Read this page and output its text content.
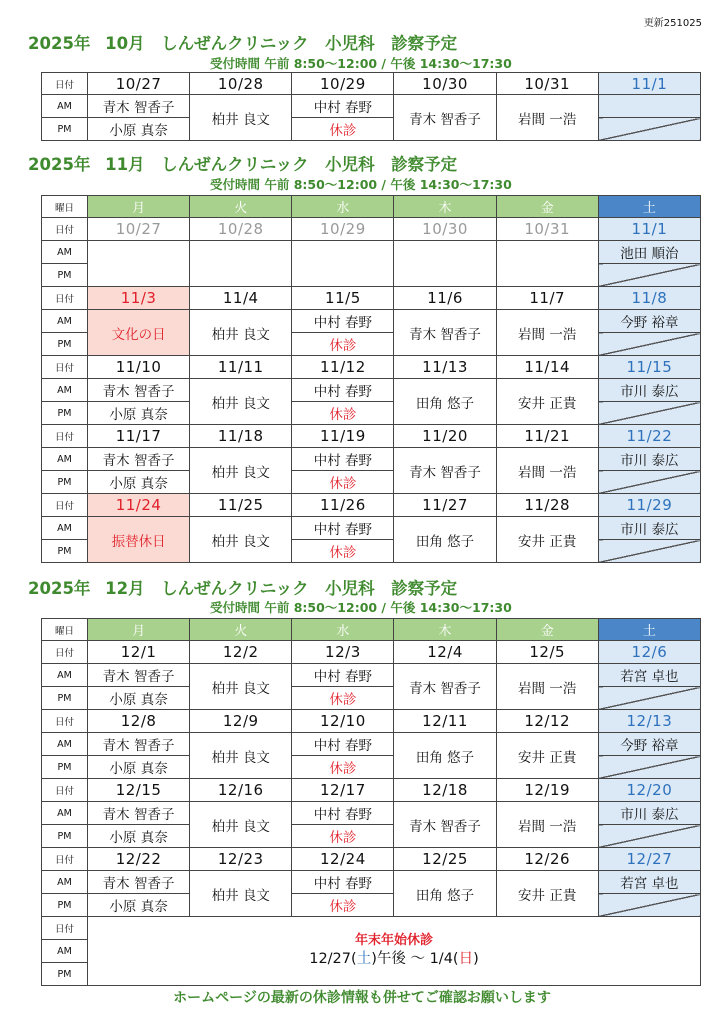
更新251025
2025年 10月　しんぜんクリニック　小児科　診察予定
受付時間 午前 8:50〜12:00 / 午後 14:30〜17:30
日付	10/27	10/28	10/29	10/30	10/31	11/1
AM	青木 智香子	柏井 良文	中村 春野	青木 智香子	岩間 一浩	
PM	小原 真奈		休診			
2025年 11月　しんぜんクリニック　小児科　診察予定
受付時間 午前 8:50〜12:00 / 午後 14:30〜17:30
曜日	月	火	水	木	金	土
日付	10/27	10/28	10/29	10/30	10/31	11/1
AM						池田 順治
PM						
日付	11/3	11/4	11/5	11/6	11/7	11/8
AM	文化の日	柏井 良文	中村 春野	青木 智香子	岩間 一浩	今野 裕章
PM			休診			
日付	11/10	11/11	11/12	11/13	11/14	11/15
AM	青木 智香子	柏井 良文	中村 春野	田角 悠子	安井 正貴	市川 泰広
PM	小原 真奈		休診			
日付	11/17	11/18	11/19	11/20	11/21	11/22
AM	青木 智香子	柏井 良文	中村 春野	青木 智香子	岩間 一浩	市川 泰広
PM	小原 真奈		休診			
日付	11/24	11/25	11/26	11/27	11/28	11/29
AM	振替休日	柏井 良文	中村 春野	田角 悠子	安井 正貴	市川 泰広
PM			休診			
2025年 12月　しんぜんクリニック　小児科　診察予定
受付時間 午前 8:50〜12:00 / 午後 14:30〜17:30
曜日	月	火	水	木	金	土
日付	12/1	12/2	12/3	12/4	12/5	12/6
AM	青木 智香子	柏井 良文	中村 春野	青木 智香子	岩間 一浩	若宮 卓也
PM	小原 真奈		休診			
日付	12/8	12/9	12/10	12/11	12/12	12/13
AM	青木 智香子	柏井 良文	中村 春野	田角 悠子	安井 正貴	今野 裕章
PM	小原 真奈		休診			
日付	12/15	12/16	12/17	12/18	12/19	12/20
AM	青木 智香子	柏井 良文	中村 春野	青木 智香子	岩間 一浩	市川 泰広
PM	小原 真奈		休診			
日付	12/22	12/23	12/24	12/25	12/26	12/27
AM	青木 智香子	柏井 良文	中村 春野	田角 悠子	安井 正貴	若宮 卓也
PM	小原 真奈		休診			
日付	年末年始休診
12/27(土)午後 〜 1/4(日)					

AM						
PM						
ホームページの最新の休診情報も併せてご確認お願いします
